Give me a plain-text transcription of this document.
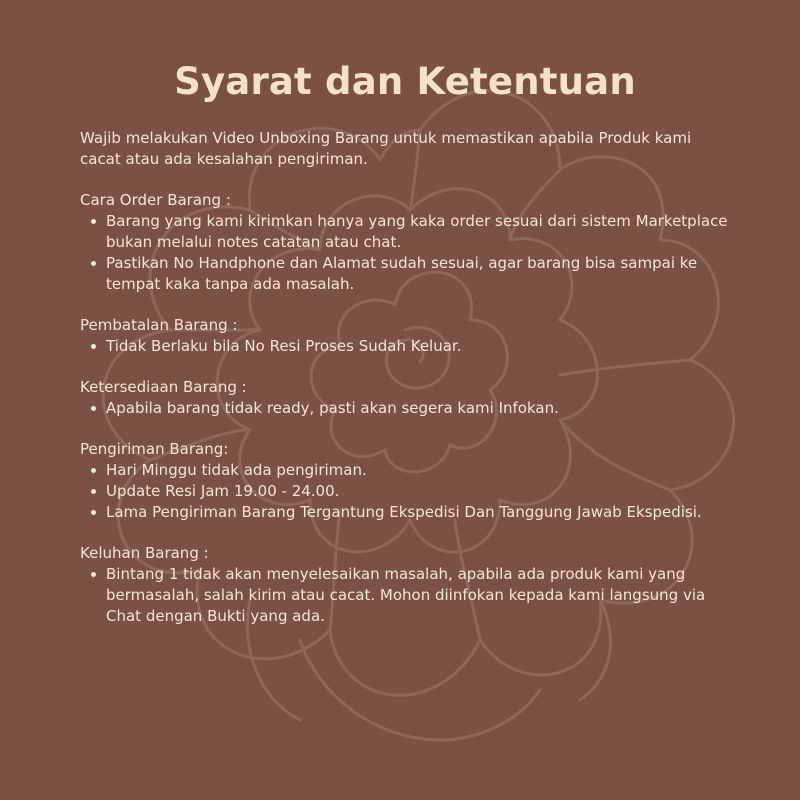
Syarat dan Ketentuan

Wajib melakukan Video Unboxing Barang untuk memastikan apabila Produk kami cacat atau ada kesalahan pengiriman.

Cara Order Barang :

Barang yang kami kirimkan hanya yang kaka order sesuai dari sistem Marketplace bukan melalui notes catatan atau chat.
Pastikan No Handphone dan Alamat sudah sesuai, agar barang bisa sampai ke tempat kaka tanpa ada masalah.

Pembatalan Barang :

Tidak Berlaku bila No Resi Proses Sudah Keluar.

Ketersediaan Barang :

Apabila barang tidak ready, pasti akan segera kami Infokan.

Pengiriman Barang:

Hari Minggu tidak ada pengiriman.
Update Resi Jam 19.00 - 24.00.
Lama Pengiriman Barang Tergantung Ekspedisi Dan Tanggung Jawab Ekspedisi.

Keluhan Barang :

Bintang 1 tidak akan menyelesaikan masalah, apabila ada produk kami yang bermasalah, salah kirim atau cacat. Mohon diinfokan kepada kami langsung via Chat dengan Bukti yang ada.
